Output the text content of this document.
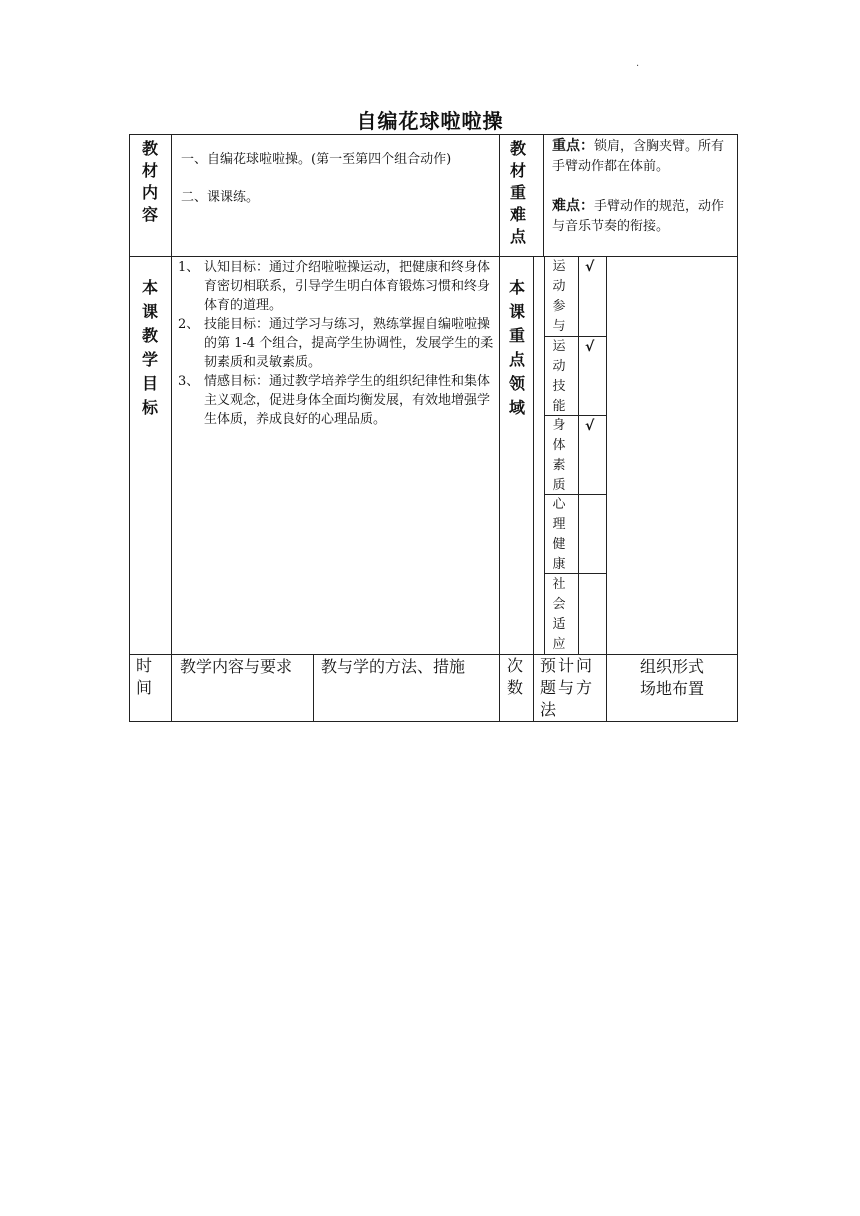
.
自编花球啦啦操
教材内容
一、自编花球啦啦操。(第一至第四个组合动作)
二、课课练。
教材重难点
重点：锁肩，含胸夹臂。所有手臂动作都在体前。
难点：手臂动作的规范，动作与音乐节奏的衔接。
本课教学目标

1、 认知目标：通过介绍啦啦操运动，把健康和终身体育密切相联系，引导学生明白体育锻炼习惯和终身体育的道理。

2、 技能目标：通过学习与练习，熟练掌握自编啦啦操的第 1-4 个组合，提高学生协调性，发展学生的柔韧素质和灵敏素质。

3、 情感目标：通过教学培养学生的组织纪律性和集体主义观念，促进身体全面均衡发展，有效地增强学生体质，养成良好的心理品质。

本课重点领域
运动参与
√
运动技能
√
身体素质
√
心理健康
社会适应
时间
教学内容与要求 教与学的方法、措施	次数
预计问题与方法
组织形式
场地布置
